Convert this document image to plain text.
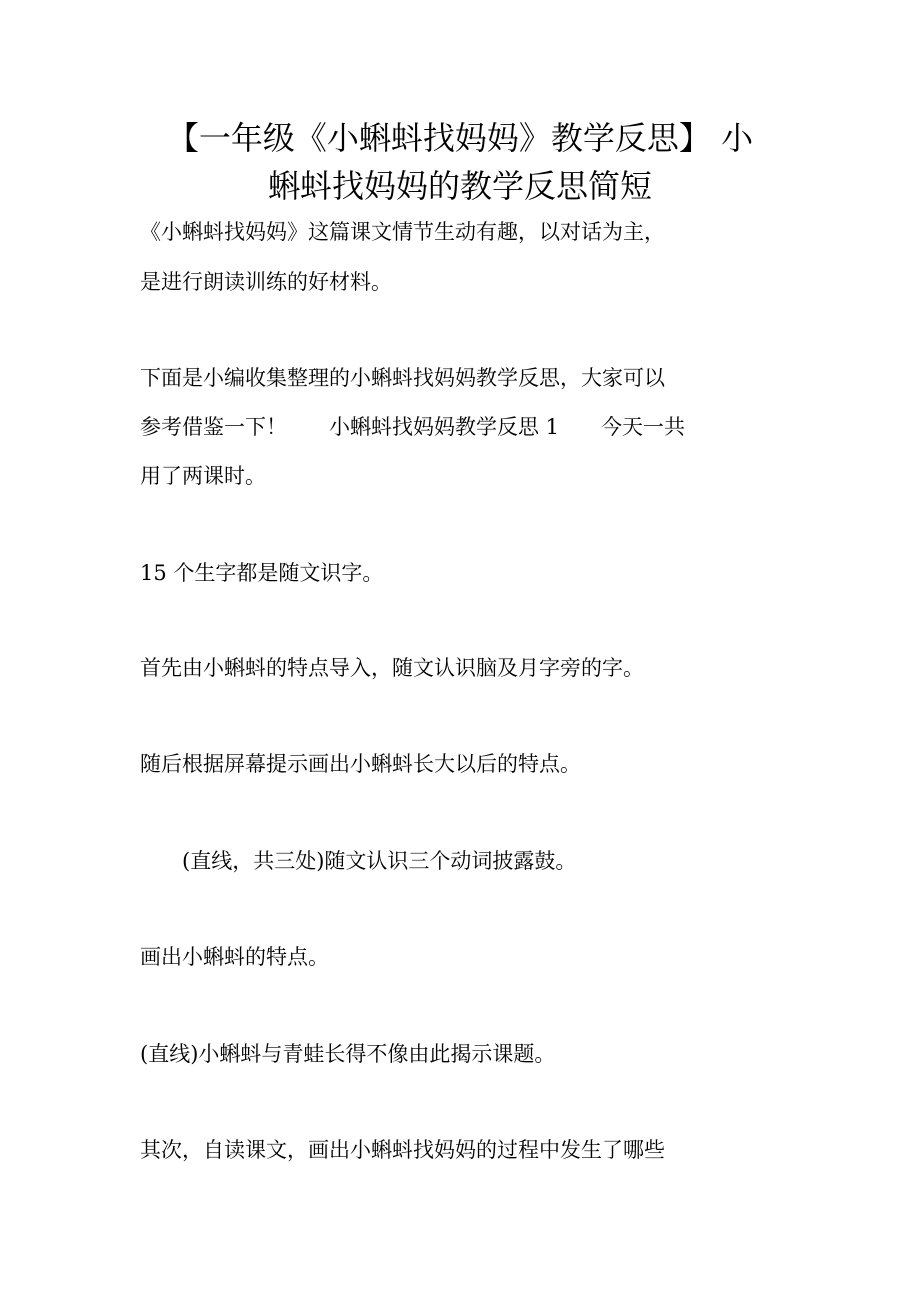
【一年级《小蝌蚪找妈妈》教学反思】 小
蝌蚪找妈妈的教学反思简短

《小蝌蚪找妈妈》这篇课文情节生动有趣，以对话为主，
是进行朗读训练的好材料。

下面是小编收集整理的小蝌蚪找妈妈教学反思，大家可以
参考借鉴一下！　　小蝌蚪找妈妈教学反思 1　　今天一共
用了两课时。

15 个生字都是随文识字。

首先由小蝌蚪的特点导入，随文认识脑及月字旁的字。

随后根据屏幕提示画出小蝌蚪长大以后的特点。

　　(直线，共三处)随文认识三个动词披露鼓。

画出小蝌蚪的特点。

(直线)小蝌蚪与青蛙长得不像由此揭示课题。

其次，自读课文，画出小蝌蚪找妈妈的过程中发生了哪些
